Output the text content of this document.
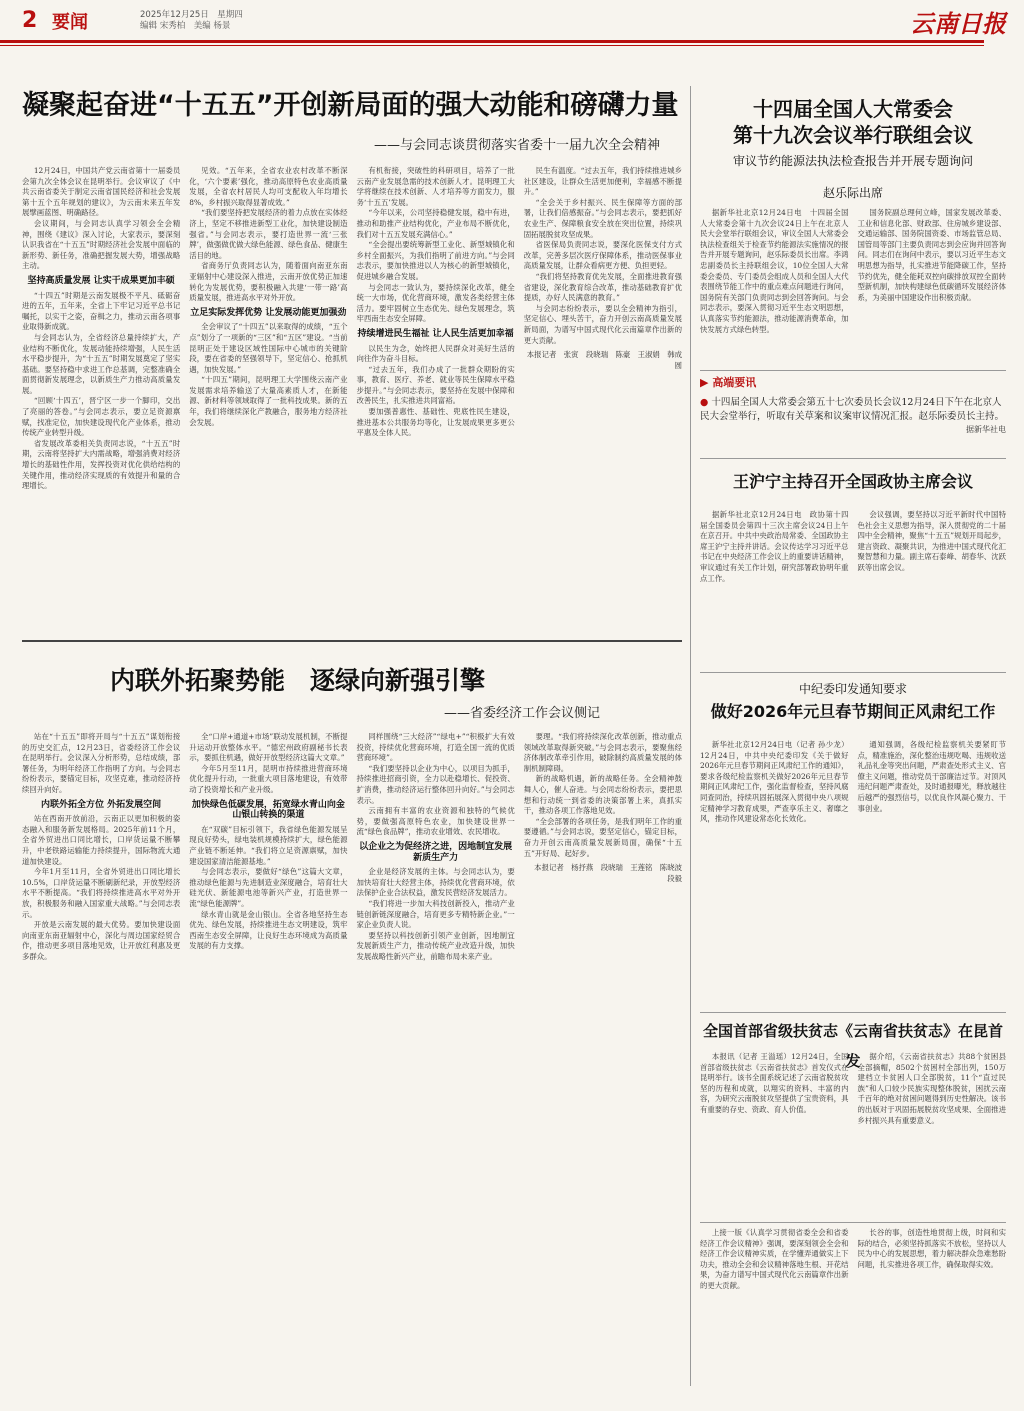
2 要闻	2025年12月25日　星期四
编辑 宋秀柏　美编 杨景	云南日报
凝聚起奋进“十五五”开创新局面的强大动能和磅礴力量
——与会同志谈贯彻落实省委十一届九次全会精神

12月24日，中国共产党云南省第十一届委员会第九次全体会议在昆明举行。会议审议了《中共云南省委关于制定云南省国民经济和社会发展第十五个五年规划的建议》，为云南未来五年发展擘画蓝图、明确路径。

会议期间，与会同志认真学习领会全会精神，围绕《建议》深入讨论，大家表示，要深刻认识我省在“十五五”时期经济社会发展中面临的新形势、新任务，准确把握发展大势，增强战略主动。

坚持高质量发展 让实干成果更加丰硕

“十四五”时期是云南发展极不平凡、砥砺奋进的五年，五年来，全省上下牢记习近平总书记嘱托，以实干之姿，奋楫之力，推动云南各项事业取得新成就。

与会同志认为，全省经济总量持续扩大，产业结构不断优化，发展动能持续增强，人民生活水平稳步提升，为“十五五”时期发展奠定了坚实基础。要坚持稳中求进工作总基调，完整准确全面贯彻新发展理念，以新质生产力推动高质量发展。

“回顾‘十四五’，晋宁区一步一个脚印，交出了亮丽的答卷。”与会同志表示，要立足资源禀赋，找准定位，加快建设现代化产业体系，推动传统产业转型升级。

省发展改革委相关负责同志说，“十五五”时期，云南将坚持扩大内需战略，增强消费对经济增长的基础性作用，发挥投资对优化供给结构的关键作用，推动经济实现质的有效提升和量的合理增长。

见效。“五年来，全省农业农村改革不断深化，‘六个要素’强化，推动高原特色农业高质量发展，全省农村居民人均可支配收入年均增长8%，乡村振兴取得显著成效。”

“我们要坚持把发展经济的着力点放在实体经济上，坚定不移推进新型工业化，加快建设制造强省。”与会同志表示，要打造世界一流‘三张牌’，做强做优做大绿色能源、绿色食品、健康生活目的地。

省商务厅负责同志认为，随着面向南亚东南亚辐射中心建设深入推进，云南开放优势正加速转化为发展优势，要积极融入共建‘一带一路’高质量发展，推进高水平对外开放。

立足实际发挥优势 让发展动能更加强劲

全会审议了“十四五”以来取得的成绩，“五个点”划分了一项新的“三区”和“五区”建设。“当前昆明正处于建设区域性国际中心城市的关键阶段，要在省委的坚强领导下，坚定信心、抢抓机遇，加快发展。”

“十四五”期间，昆明理工大学围绕云南产业发展需求培养输送了大量高素质人才，在新能源、新材料等领域取得了一批科技成果。新的五年，我们将继续深化产教融合，服务地方经济社会发展。

有机衔接，突破性的科研项目，培养了一批云南产业发展急需的技术创新人才。昆明理工大学将继续在技术创新、人才培养等方面发力，服务‘十五五’发展。

“今年以来，公司坚持稳健发展，稳中有进，推动和助推产业结构优化，产业布局不断优化，我们对十五五发展充满信心。”

“全会提出要统筹新型工业化、新型城镇化和乡村全面振兴，为我们指明了前进方向。”与会同志表示，要加快推进以人为核心的新型城镇化，促进城乡融合发展。

与会同志一致认为，要持续深化改革，健全统一大市场，优化营商环境，激发各类经营主体活力。要牢固树立生态优先、绿色发展理念，筑牢西南生态安全屏障。

持续增进民生福祉 让人民生活更加幸福

以民生为念，始终把人民群众对美好生活的向往作为奋斗目标。

“过去五年，我们办成了一批群众期盼的实事，教育、医疗、养老、就业等民生保障水平稳步提升。”与会同志表示，要坚持在发展中保障和改善民生，扎实推进共同富裕。

要加强普惠性、基础性、兜底性民生建设，推进基本公共服务均等化，让发展成果更多更公平惠及全体人民。

民生有温度。“过去五年，我们持续推进城乡社区建设，让群众生活更加便利，幸福感不断提升。”

“全会关于乡村振兴、民生保障等方面的部署，让我们倍感振奋。”与会同志表示，要把抓好农业生产、保障粮食安全放在突出位置，持续巩固拓展脱贫攻坚成果。

省医保局负责同志说，要深化医保支付方式改革，完善多层次医疗保障体系，推动医保事业高质量发展，让群众看病更方便、负担更轻。

“我们将坚持教育优先发展，全面推进教育强省建设，深化教育综合改革，推动基础教育扩优提质，办好人民满意的教育。”

与会同志纷纷表示，要以全会精神为指引，坚定信心、埋头苦干，奋力开创云南高质量发展新局面，为谱写中国式现代化云南篇章作出新的更大贡献。

本报记者　张寅　段晓瑞　陈豪　王淑娟　韩成圆

十四届全国人大常委会
第十九次会议举行联组会议
审议节约能源法执法检查报告并开展专题询问
赵乐际出席

据新华社北京12月24日电　十四届全国人大常委会第十九次会议24日上午在北京人民大会堂举行联组会议，审议全国人大常委会执法检查组关于检查节约能源法实施情况的报告并开展专题询问，赵乐际委员长出席。李鸿忠副委员长主持联组会议，10位全国人大常委会委员、专门委员会组成人员和全国人大代表围绕节能工作中的重点难点问题进行询问，国务院有关部门负责同志到会回答询问。与会同志表示，要深入贯彻习近平生态文明思想，认真落实节约能源法，推动能源消费革命，加快发展方式绿色转型。

国务院副总理何立峰，国家发展改革委、工业和信息化部、财政部、住房城乡建设部、交通运输部、国务院国资委、市场监管总局、国管局等部门主要负责同志到会应询并回答询问。同志们在询问中表示，要以习近平生态文明思想为指导，扎实推进节能降碳工作，坚持节约优先，健全能耗双控向碳排放双控全面转型新机制，加快构建绿色低碳循环发展经济体系，为美丽中国建设作出积极贡献。

▶ 高端要讯
● 十四届全国人大常委会第五十七次委员长会议12月24日下午在北京人民大会堂举行，听取有关草案和议案审议情况汇报。赵乐际委员长主持。
据新华社电
王沪宁主持召开全国政协主席会议

据新华社北京12月24日电　政协第十四届全国委员会第四十三次主席会议24日上午在京召开。中共中央政治局常委、全国政协主席王沪宁主持并讲话。会议传达学习习近平总书记在中央经济工作会议上的重要讲话精神，审议通过有关工作计划，研究部署政协明年重点工作。

会议强调，要坚持以习近平新时代中国特色社会主义思想为指导，深入贯彻党的二十届四中全会精神，聚焦“十五五”规划开局起步，建言资政、凝聚共识，为推进中国式现代化汇聚智慧和力量。副主席石泰峰、胡春华、沈跃跃等出席会议。

中纪委印发通知要求
做好2026年元旦春节期间正风肃纪工作

新华社北京12月24日电（记者 孙少龙）12月24日，中共中央纪委印发《关于做好2026年元旦春节期间正风肃纪工作的通知》，要求各级纪检监察机关做好2026年元旦春节期间正风肃纪工作，强化监督检查，坚持风腐同查同治，持续巩固拓展深入贯彻中央八项规定精神学习教育成果，严查享乐主义、奢靡之风，推动作风建设常态化长效化。

通知强调，各级纪检监察机关要紧盯节点，精准施治，深化整治违规吃喝、违规收送礼品礼金等突出问题，严肃查处形式主义、官僚主义问题，推动党员干部廉洁过节。对顶风违纪问题严肃查处，及时通报曝光，释放越往后越严的强烈信号，以优良作风凝心聚力、干事创业。

全国首部省级扶贫志《云南省扶贫志》在昆首发

本报讯（记者 王溢瑶）12月24日，全国首部省级扶贫志《云南省扶贫志》首发仪式在昆明举行。该书全面系统记述了云南省脱贫攻坚的历程和成就，以翔实的资料、丰富的内容，为研究云南脱贫攻坚提供了宝贵资料，具有重要的存史、资政、育人价值。

据介绍，《云南省扶贫志》共88个贫困县全部摘帽，8502个贫困村全部出列，150万建档立卡贫困人口全部脱贫，11个“直过民族”和人口较少民族实现整体脱贫，困扰云南千百年的绝对贫困问题得到历史性解决。该书的出版对于巩固拓展脱贫攻坚成果、全面推进乡村振兴具有重要意义。

上接一版《认真学习贯彻省委全会和省委经济工作会议精神》强调，要深刻领会全会和经济工作会议精神实质，在学懂弄通做实上下功夫，推动全会和会议精神落地生根、开花结果，为奋力谱写中国式现代化云南篇章作出新的更大贡献。

长谷的事，创造性地贯彻上级，时间和实际的结合，必须坚持抓落实不放松，坚持以人民为中心的发展思想，着力解决群众急难愁盼问题，扎实推进各项工作，确保取得实效。

内联外拓聚势能　逐绿向新强引擎
——省委经济工作会议侧记

站在“十五五”即将开局与“十五五”谋划衔接的历史交汇点，12月23日，省委经济工作会议在昆明举行。会议深入分析形势，总结成绩，部署任务，为明年经济工作指明了方向。与会同志纷纷表示，要锚定目标，攻坚克难，推动经济持续回升向好。

内联外拓全方位 外拓发展空间

站在西南开放前沿，云南正以更加积极的姿态融入和服务新发展格局。2025年前11个月，全省外贸进出口同比增长，口岸货运量不断攀升，中老铁路运输能力持续提升，国际物流大通道加快建设。

今年1月至11月，全省外贸进出口同比增长10.5%，口岸货运量不断刷新纪录，开放型经济水平不断提高。“我们将持续推进高水平对外开放，积极服务和融入国家重大战略。”与会同志表示。

开放是云南发展的最大优势。要加快建设面向南亚东南亚辐射中心，深化与周边国家经贸合作，推动更多项目落地见效，让开放红利惠及更多群众。

全“口岸+通道+市场”联动发展机制，不断提升运动开放整体水平。“德宏州政府副秘书长表示，要抓住机遇，做好开放型经济这篇大文章。”

今年5月至11月，昆明市持续推进营商环境优化提升行动，一批重大项目落地建设，有效带动了投资增长和产业升级。

加快绿色低碳发展，拓宽绿水青山向金山银山转换的渠道

在“双碳”目标引领下，我省绿色能源发展呈现良好势头，绿电装机规模持续扩大，绿色能源产业链不断延伸。“我们将立足资源禀赋，加快建设国家清洁能源基地。”

与会同志表示，要做好“绿色”这篇大文章，推动绿色能源与先进制造业深度融合，培育壮大硅光伏、新能源电池等新兴产业，打造世界一流“绿色能源牌”。

绿水青山就是金山银山。全省各地坚持生态优先、绿色发展，持续推进生态文明建设，筑牢西南生态安全屏障，让良好生态环境成为高质量发展的有力支撑。

同样围绕“三大经济”“绿电+”“积极扩大有效投资，持续优化营商环境，打造全国一流的优质营商环境”。

“我们要坚持以企业为中心，以项目为抓手，持续推进招商引资，全力以赴稳增长、促投资、扩消费，推动经济运行整体回升向好。”与会同志表示。

云南拥有丰富的农业资源和独特的气候优势，要做强高原特色农业，加快建设世界一流“绿色食品牌”，推动农业增效、农民增收。

以企业之为促经济之进，因地制宜发展新质生产力

企业是经济发展的主体。与会同志认为，要加快培育壮大经营主体，持续优化营商环境，依法保护企业合法权益，激发民营经济发展活力。

“我们将进一步加大科技创新投入，推动产业链创新链深度融合，培育更多专精特新企业。”一家企业负责人说。

要坚持以科技创新引领产业创新，因地制宜发展新质生产力，推动传统产业改造升级，加快发展战略性新兴产业，前瞻布局未来产业。

要理。“我们将持续深化改革创新，推动重点领域改革取得新突破。”与会同志表示，要聚焦经济体制改革牵引作用，破除制约高质量发展的体制机制障碍。

新的战略机遇，新的战略任务。全会精神鼓舞人心，催人奋进。与会同志纷纷表示，要把思想和行动统一到省委的决策部署上来，真抓实干，推动各项工作落地见效。

“全会部署的各项任务，是我们明年工作的重要遵循。”与会同志说，要坚定信心，锚定目标，奋力开创云南高质量发展新局面，确保“十五五”开好局、起好步。

本报记者　杨抒燕　段晓瑞　王莲铭　陈晓波　段毅
